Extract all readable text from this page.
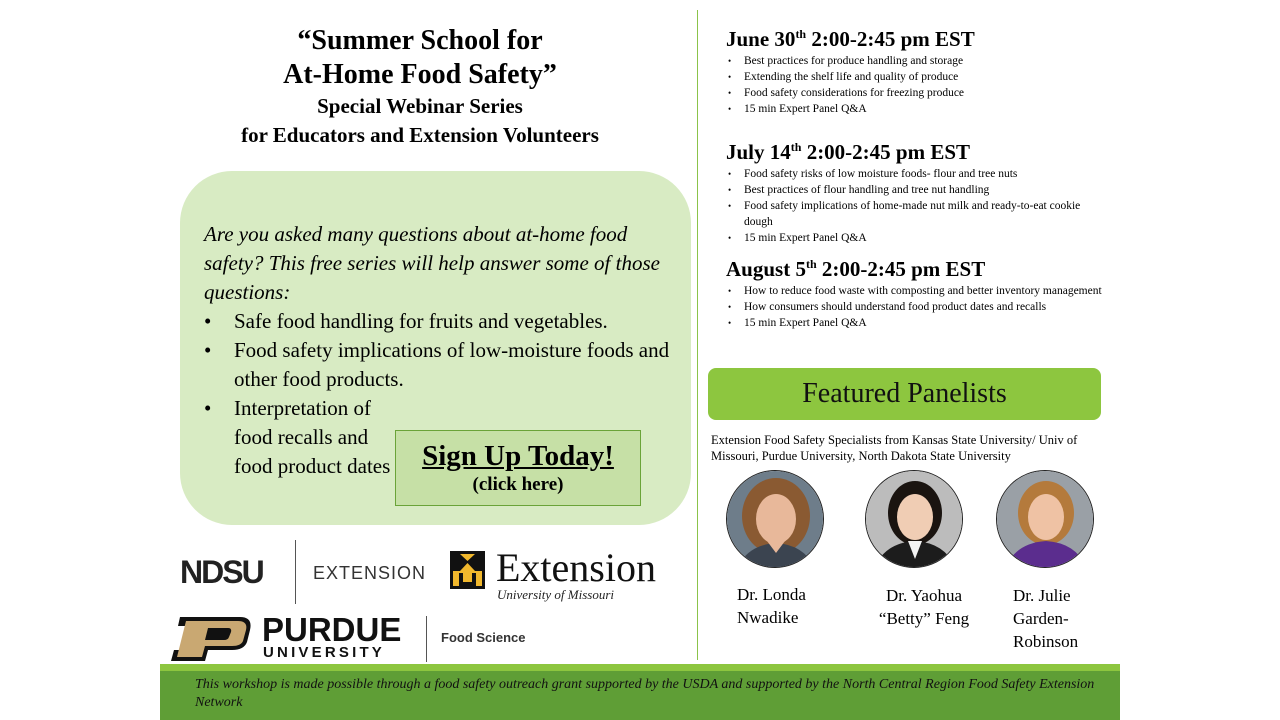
“Summer School for
At-Home Food Safety”
Special Webinar Series
for Educators and Extension Volunteers

Are you asked many questions about at-home food safety? This free series will help answer some of those questions:

• Safe food handling for fruits and vegetables.
• Food safety implications of low-moisture foods and other food products.
• Interpretation of food recalls and food product dates	Sign Up Today!
(click here)
NDSU	EXTENSION Extension
University of Missouri
PURDUE
UNIVERSITY
Food Science
June 30th 2:00-2:45 pm EST
• Best practices for produce handling and storage
• Extending the shelf life and quality of produce
• Food safety considerations for freezing produce
• 15 min Expert Panel Q&A
July 14th 2:00-2:45 pm EST
• Food safety risks of low moisture foods- flour and tree nuts
• Best practices of flour handling and tree nut handling
• Food safety implications of home-made nut milk and ready-to-eat cookie dough
• 15 min Expert Panel Q&A
August 5th 2:00-2:45 pm EST
• How to reduce food waste with composting and better inventory management
• How consumers should understand food product dates and recalls
• 15 min Expert Panel Q&A
Featured Panelists
Extension Food Safety Specialists from Kansas State University/ Univ of Missouri, Purdue University, North Dakota State University
Dr. Londa
Nwadike
Dr. Yaohua
“Betty” Feng
Dr. Julie
Garden-
Robinson
This workshop is made possible through a food safety outreach grant supported by the USDA and supported by the North Central Region Food Safety Extension Network
